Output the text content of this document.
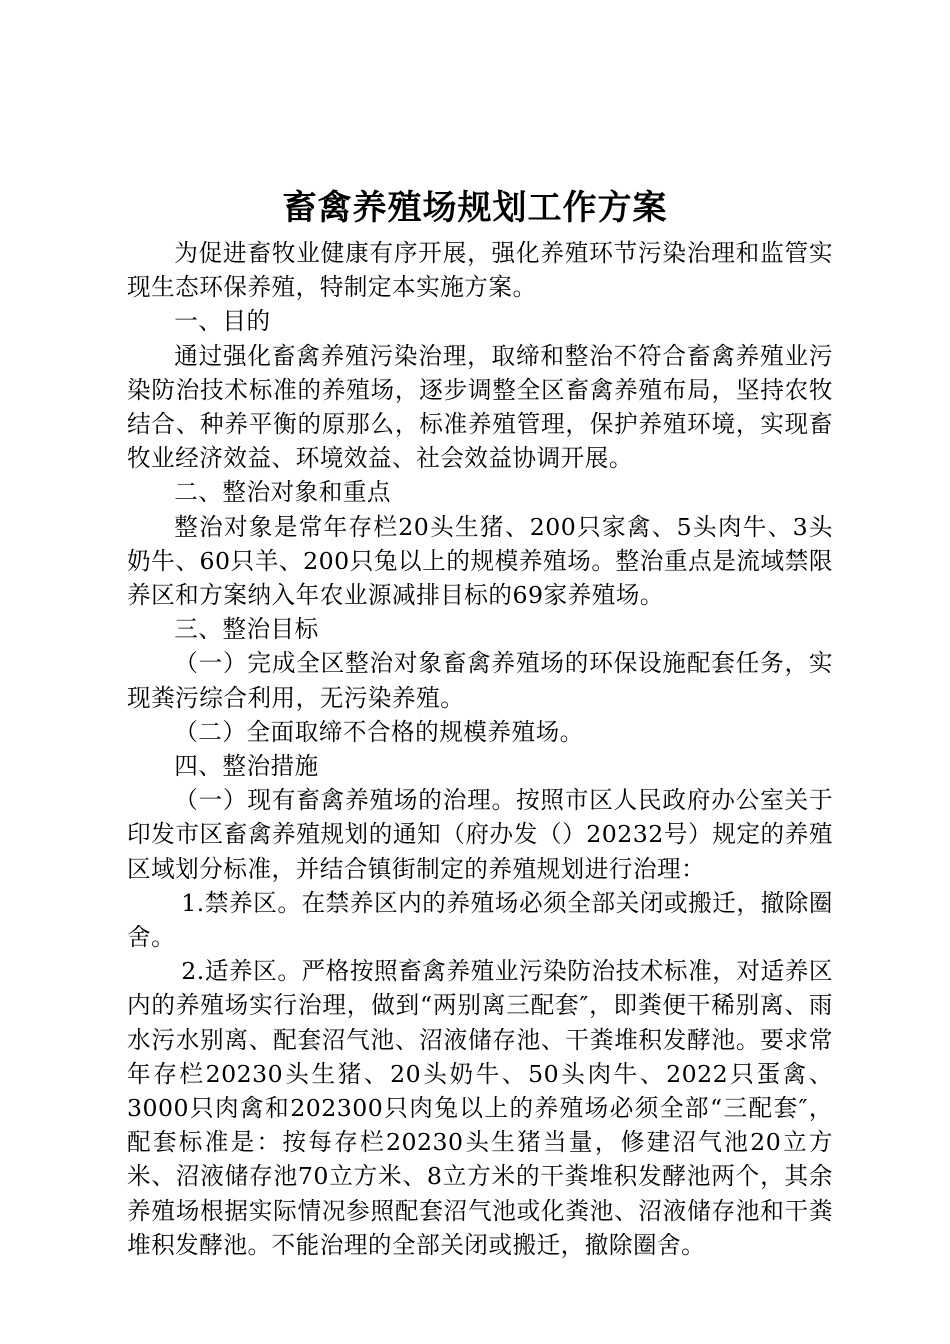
畜禽养殖场规划工作方案

为促进畜牧业健康有序开展，强化养殖环节污染治理和监管实现生态环保养殖，特制定本实施方案。

一、目的

通过强化畜禽养殖污染治理，取缔和整治不符合畜禽养殖业污染防治技术标准的养殖场，逐步调整全区畜禽养殖布局，坚持农牧结合、种养平衡的原那么，标准养殖管理，保护养殖环境，实现畜牧业经济效益、环境效益、社会效益协调开展。

二、整治对象和重点

整治对象是常年存栏20头生猪、200只家禽、5头肉牛、3头奶牛、60只羊、200只兔以上的规模养殖场。整治重点是流域禁限养区和方案纳入年农业源减排目标的69家养殖场。

三、整治目标

（一）完成全区整治对象畜禽养殖场的环保设施配套任务，实现粪污综合利用，无污染养殖。

（二）全面取缔不合格的规模养殖场。

四、整治措施

（一）现有畜禽养殖场的治理。按照市区人民政府办公室关于印发市区畜禽养殖规划的通知（府办发（）20232号）规定的养殖区域划分标准，并结合镇街制定的养殖规划进行治理：

1.禁养区。在禁养区内的养殖场必须全部关闭或搬迁，撤除圈舍。

2.适养区。严格按照畜禽养殖业污染防治技术标准，对适养区内的养殖场实行治理，做到“两别离三配套″，即粪便干稀别离、雨水污水别离、配套沼气池、沼液储存池、干粪堆积发酵池。要求常年存栏20230头生猪、20头奶牛、50头肉牛、2022只蛋禽、3000只肉禽和202300只肉兔以上的养殖场必须全部“三配套″，配套标准是：按每存栏20230头生猪当量，修建沼气池20立方米、沼液储存池70立方米、8立方米的干粪堆积发酵池两个，其余养殖场根据实际情况参照配套沼气池或化粪池、沼液储存池和干粪堆积发酵池。不能治理的全部关闭或搬迁，撤除圈舍。
